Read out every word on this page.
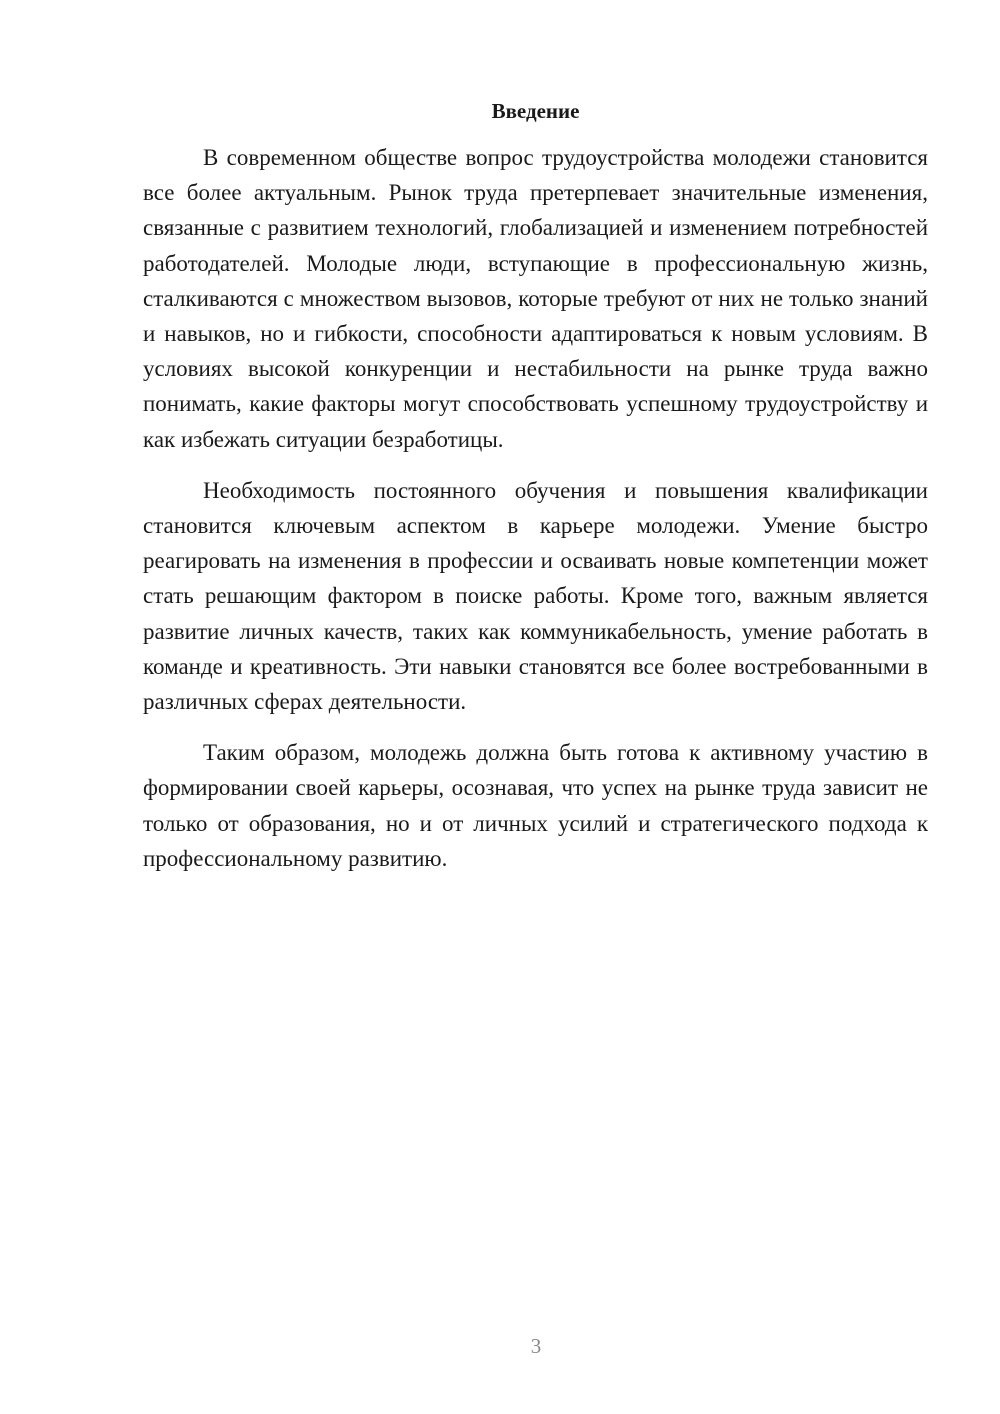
Введение

В современном обществе вопрос трудоустройства молодежи становится все более актуальным. Рынок труда претерпевает значительные изменения, связанные с развитием технологий, глобализацией и изменением потребностей работодателей. Молодые люди, вступающие в профессиональную жизнь, сталкиваются с множеством вызовов, которые требуют от них не только знаний и навыков, но и гибкости, способности адаптироваться к новым условиям. В условиях высокой конкуренции и нестабильности на рынке труда важно понимать, какие факторы могут способствовать успешному трудоустройству и как избежать ситуации безработицы.

Необходимость постоянного обучения и повышения квалификации становится ключевым аспектом в карьере молодежи. Умение быстро реагировать на изменения в профессии и осваивать новые компетенции может стать решающим фактором в поиске работы. Кроме того, важным является развитие личных качеств, таких как коммуникабельность, умение работать в команде и креативность. Эти навыки становятся все более востребованными в различных сферах деятельности.

Таким образом, молодежь должна быть готова к активному участию в формировании своей карьеры, осознавая, что успех на рынке труда зависит не только от образования, но и от личных усилий и стратегического подхода к профессиональному развитию.

3
